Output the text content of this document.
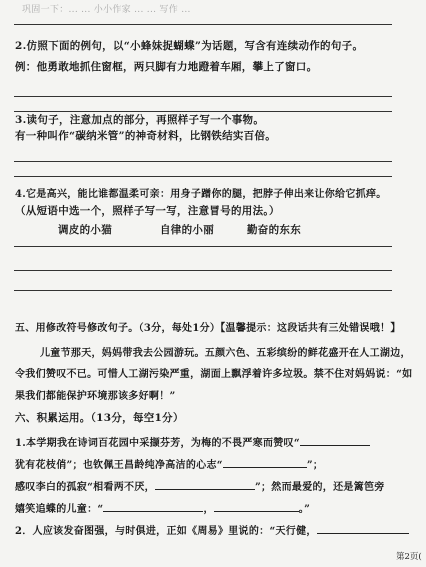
巩固一下：... ... 小小作家 ... ... 写作 ...
2.仿照下面的例句，以“小蜂妹捉蝴蝶”为话题，写含有连续动作的句子。
例：他勇敢地抓住窗框，两只脚有力地蹬着车厢，攀上了窗口。
3.读句子，注意加点的部分，再照样子写一个事物。
有一种叫作“碳纳米管”的神奇材料，比钢铁结实百倍。
4.它是高兴，能比谁都温柔可亲：用身子蹭你的腿，把脖子伸出来让你给它抓痒。
（从短语中选一个，照样子写一写，注意冒号的用法。）
调皮的小猫	自律的小丽	勤奋的东东
五、用修改符号修改句子。（3分，每处1分）【温馨提示：这段话共有三处错误哦！】
儿童节那天，妈妈带我去公园游玩。五颜六色、五彩缤纷的鲜花盛开在人工湖边，
令我们赞叹不已。可惜人工湖污染严重，湖面上飘浮着许多垃圾。禁不住对妈妈说：“如
果我们都能保护环境那该多好啊！”
六、积累运用。（13分，每空1分）
1.本学期我在诗词百花园中采撷芬芳，为梅的不畏严寒而赞叹“
犹有花枝俏”；也钦佩王昌龄纯净高洁的心志“	”；
感叹李白的孤寂“相看两不厌，	”；然而最爱的，还是篱笆旁
嬉笑追蝶的儿童：“	，	。”
2．人应该发奋图强，与时俱进，正如《周易》里说的：“天行健，
第2页(
